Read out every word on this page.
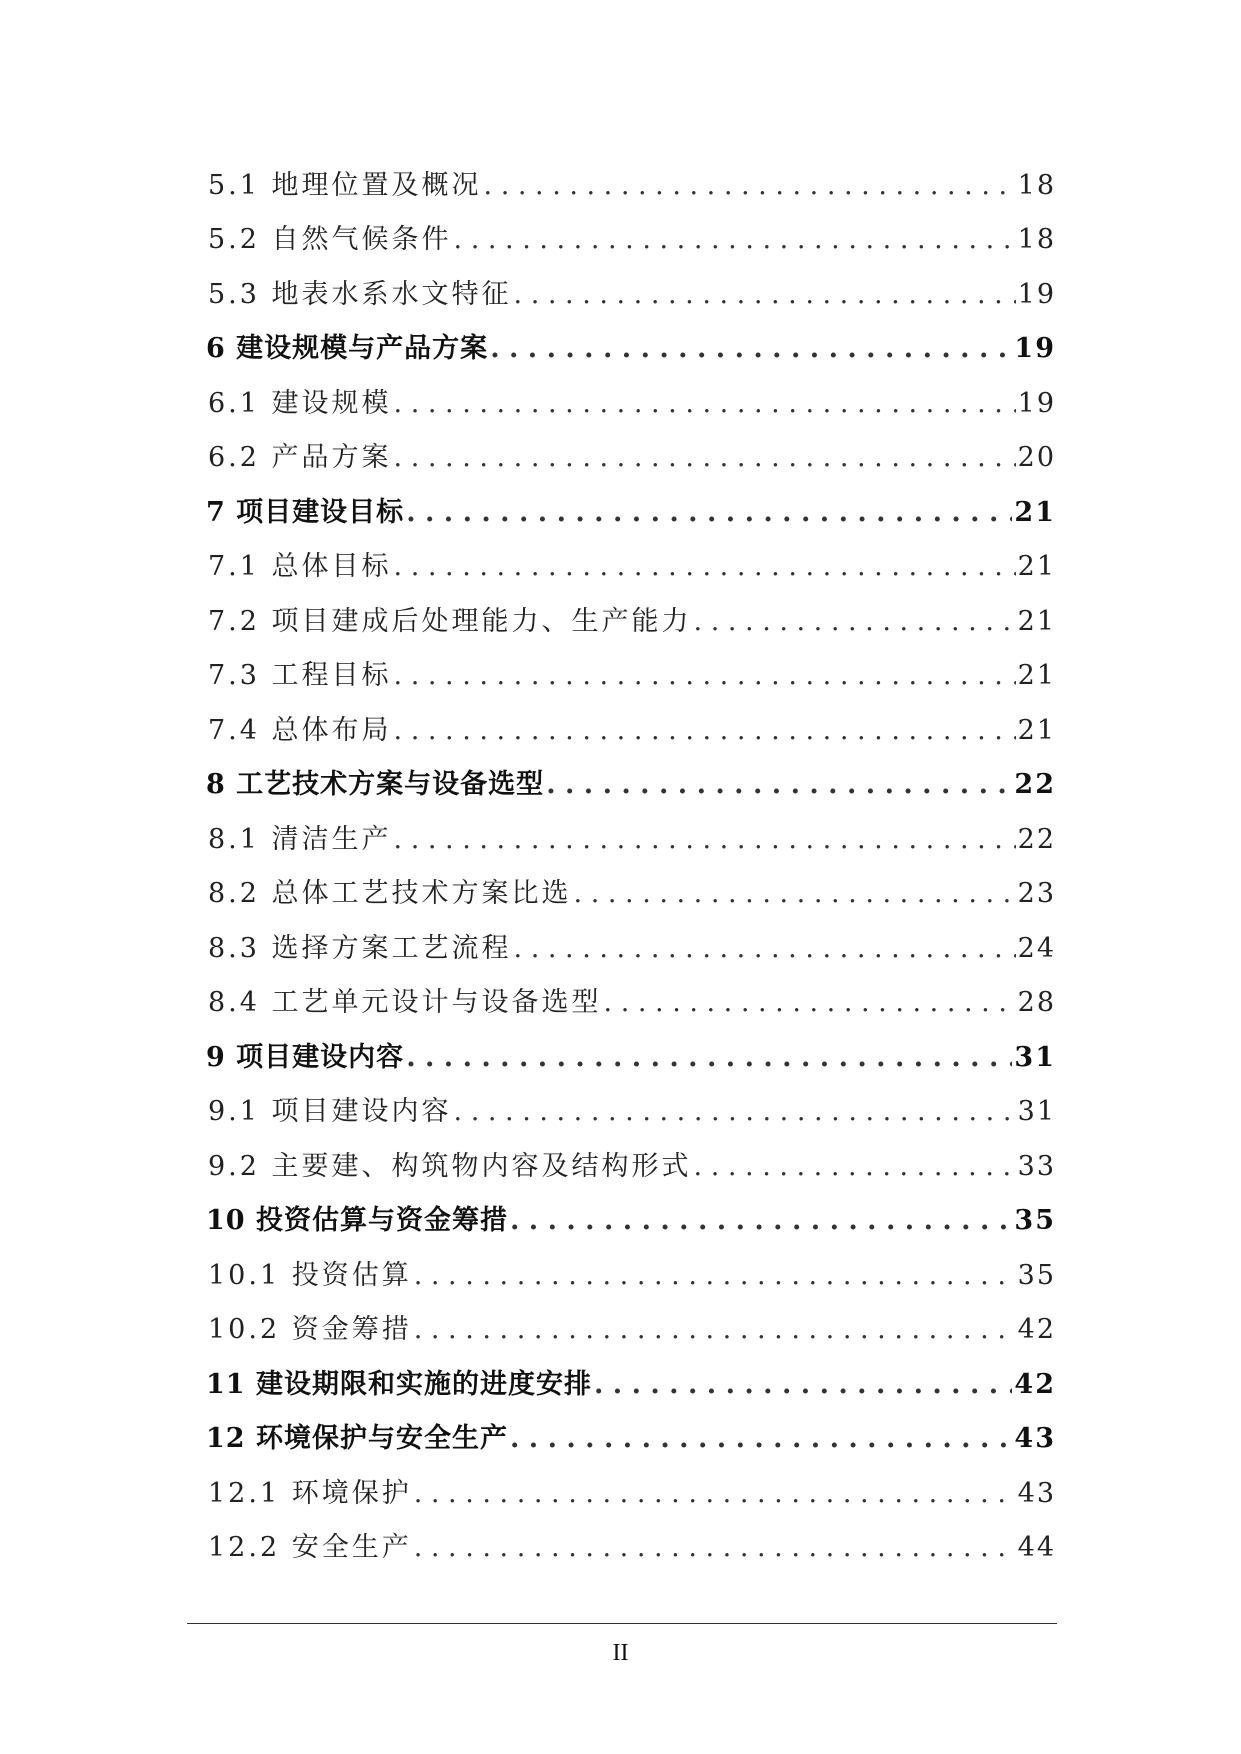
5.1 地理位置及概况 . . .	18
5.2 自然气候条件 . . .	18
5.3 地表水系水文特征 . . .	19
6 建设规模与产品方案 . . .	19
6.1 建设规模 . . .	19
6.2 产品方案 . . .	20
7 项目建设目标 . . .	21
7.1 总体目标 . . .	21
7.2 项目建成后处理能力、生产能力 . . .	21
7.3 工程目标 . . .	21
7.4 总体布局 . . .	21
8 工艺技术方案与设备选型 . . .	22
8.1 清洁生产 . . .	22
8.2 总体工艺技术方案比选 . . .	23
8.3 选择方案工艺流程 . . .	24
8.4 工艺单元设计与设备选型 . . .	28
9 项目建设内容 . . .	31
9.1 项目建设内容 . . .	31
9.2 主要建、构筑物内容及结构形式 . . .	33
10 投资估算与资金筹措 . . .	35
10.1 投资估算 . . .	35
10.2 资金筹措 . . .	42
11 建设期限和实施的进度安排 . . .	42
12 环境保护与安全生产 . . .	43
12.1 环境保护 . . .	43
12.2 安全生产 . . .	44
II
